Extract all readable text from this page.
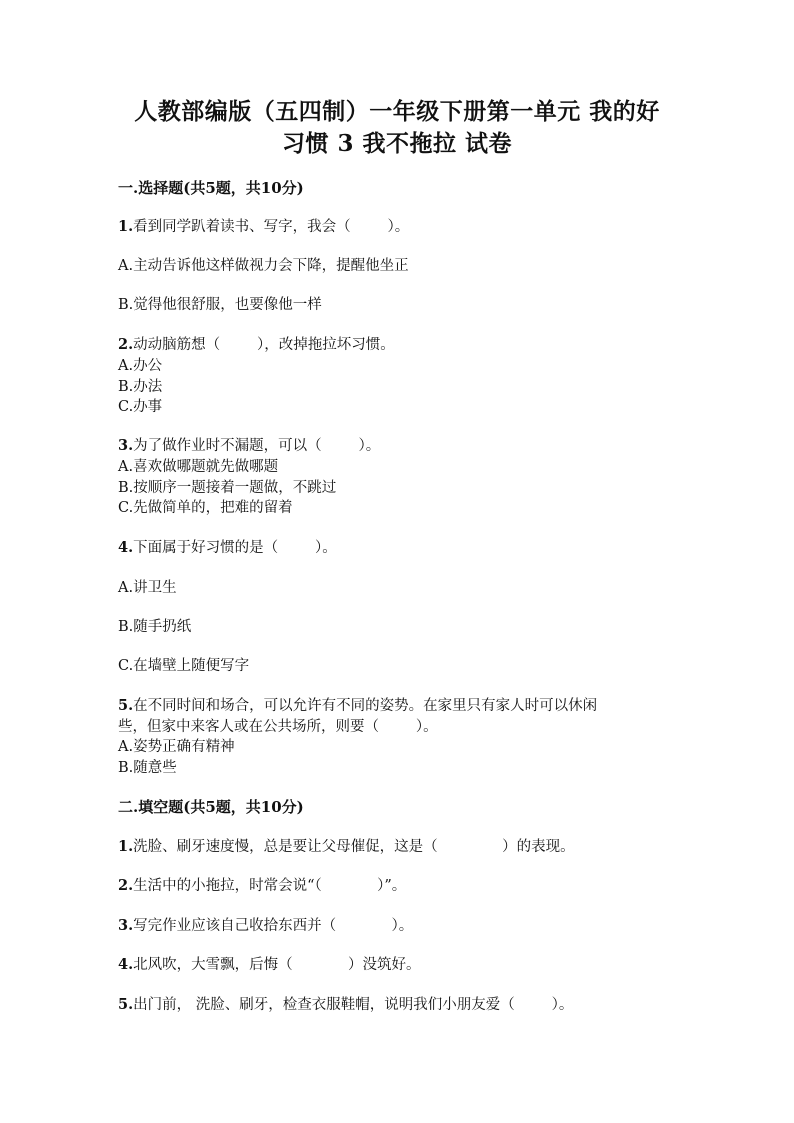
人教部编版（五四制）一年级下册第一单元 我的好
习惯 3 我不拖拉 试卷
一.选择题(共5题，共10分)
1.看到同学趴着读书、写字，我会（        ）。
A.主动告诉他这样做视力会下降，提醒他坐正
B.觉得他很舒服，也要像他一样
2.动动脑筋想（        ），改掉拖拉坏习惯。
A.办公
B.办法
C.办事
3.为了做作业时不漏题，可以（        ）。
A.喜欢做哪题就先做哪题
B.按顺序一题接着一题做，不跳过
C.先做简单的，把难的留着
4.下面属于好习惯的是（        ）。
A.讲卫生
B.随手扔纸
C.在墙壁上随便写字
5.在不同时间和场合，可以允许有不同的姿势。在家里只有家人时可以休闲
些，但家中来客人或在公共场所，则要（        ）。
A.姿势正确有精神
B.随意些
二.填空题(共5题，共10分)
1.洗脸、刷牙速度慢，总是要让父母催促，这是（              ）的表现。
2.生活中的小拖拉，时常会说“（            ）”。
3.写完作业应该自己收拾东西并（            ）。
4.北风吹，大雪飘，后悔（            ）没筑好。
5.出门前， 洗脸、刷牙，检查衣服鞋帽，说明我们小朋友爱（        ）。
